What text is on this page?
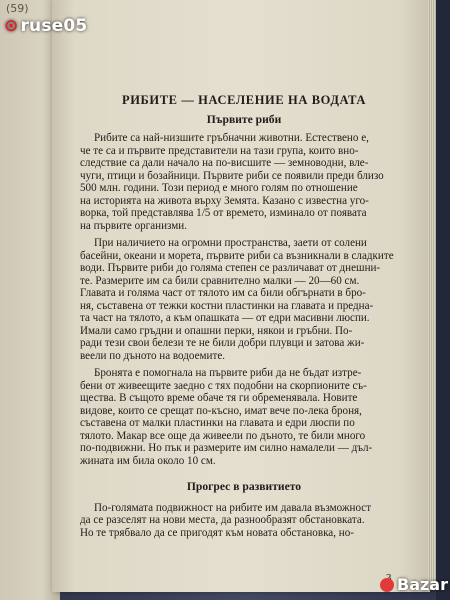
(59)
РИБИТЕ — НАСЕЛЕНИЕ НА ВОДАТА
Първите риби
Рибите са най-низшите гръбначни животни. Естествено е,
че те са и първите представители на тази група, които вно-
следствие са дали начало на по-висшите — земноводни, вле-
чуги, птици и бозайници. Първите риби се появили преди близо
500 млн. години. Този период е много голям по отношение
на историята на живота върху Земята. Казано с известна уго-
ворка, той представлява 1/5 от времето, изминало от появата
на първите организми.
При наличието на огромни пространства, заети от солени
басейни, океани и морета, първите риби са възникнали в сладките
води. Първите риби до голяма степен се различават от днешни-
те. Размерите им са били сравнително малки — 20—60 см.
Главата и голяма част от тялото им са били обгърнати в бро-
ня, съставена от тежки костни пластинки на главата и предна-
та част на тялото, а към опашката — от едри масивни люспи.
Имали само гръдни и опашни перки, някои и гръбни. По-
ради тези свои белези те не били добри плувци и затова жи-
веели по дъното на водоемите.
Бронята е помогнала на първите риби да не бъдат изтре-
бени от живеещите заедно с тях подобни на скорпионите съ-
щества. В същото време обаче тя ги обременявала. Новите
видове, които се срещат по-късно, имат вече по-лека броня,
съставена от малки пластинки на главата и едри люспи по
тялото. Макар все още да живеели по дъното, те били много
по-подвижни. Но пък и размерите им силно намалели — дъл-
жината им била около 10 см.
Прогрес в развитието
По-голямата подвижност на рибите им давала възможност
да се разселят на нови места, да разнообразят обстановката.
Но те трябвало да се пригодят към новата обстановка, но-
⊙ ruse05
Bazar
